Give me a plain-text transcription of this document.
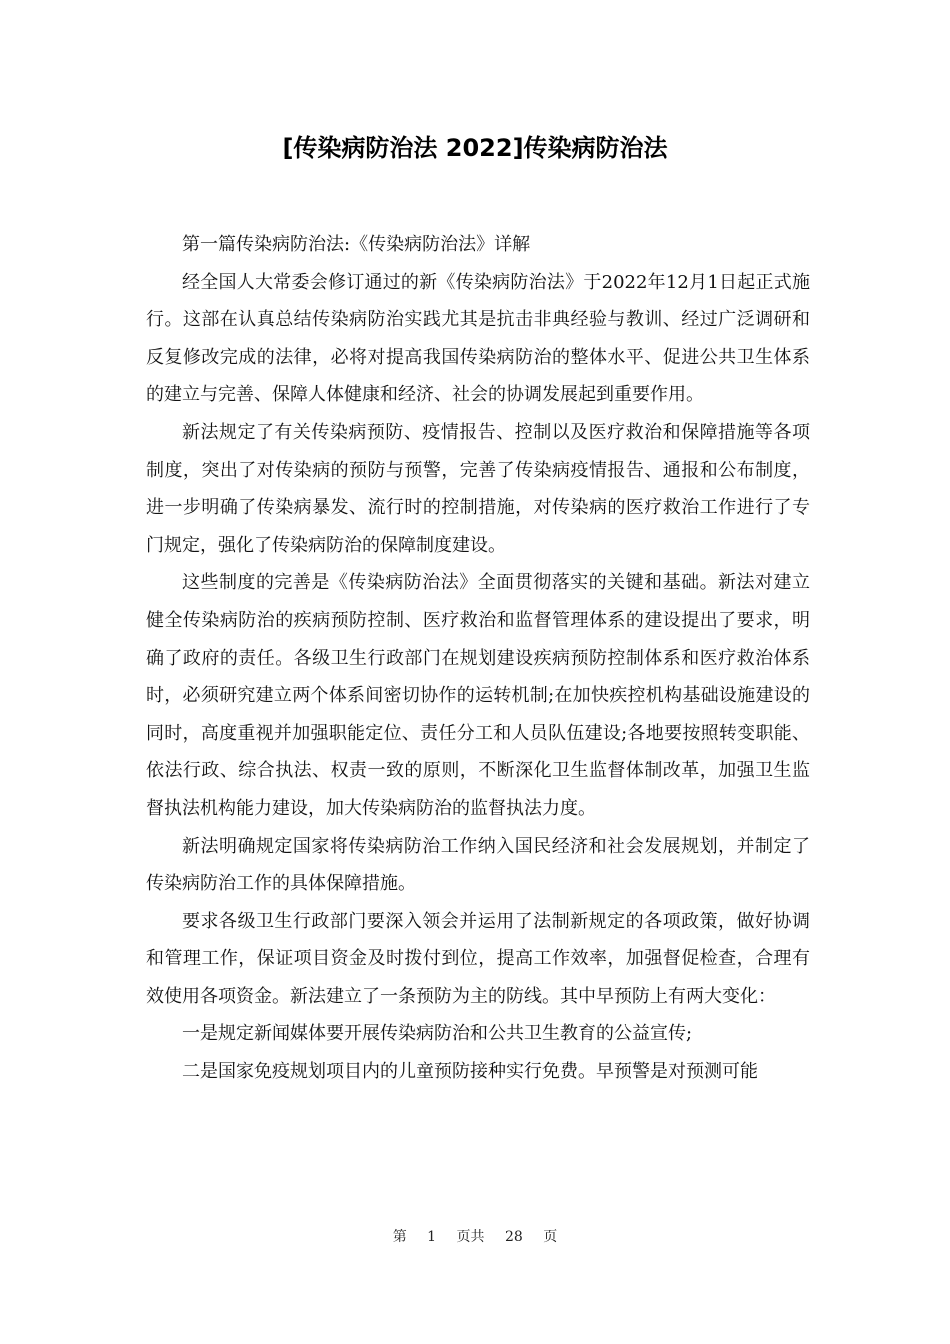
[传染病防治法 2022]传染病防治法

第一篇传染病防治法:《传染病防治法》详解

经全国人大常委会修订通过的新《传染病防治法》于2022年12月1日起正式施行。这部在认真总结传染病防治实践尤其是抗击非典经验与教训、经过广泛调研和反复修改完成的法律，必将对提高我国传染病防治的整体水平、促进公共卫生体系的建立与完善、保障人体健康和经济、社会的协调发展起到重要作用。

新法规定了有关传染病预防、疫情报告、控制以及医疗救治和保障措施等各项制度，突出了对传染病的预防与预警，完善了传染病疫情报告、通报和公布制度，进一步明确了传染病暴发、流行时的控制措施，对传染病的医疗救治工作进行了专门规定，强化了传染病防治的保障制度建设。

这些制度的完善是《传染病防治法》全面贯彻落实的关键和基础。新法对建立健全传染病防治的疾病预防控制、医疗救治和监督管理体系的建设提出了要求，明确了政府的责任。各级卫生行政部门在规划建设疾病预防控制体系和医疗救治体系时，必须研究建立两个体系间密切协作的运转机制;在加快疾控机构基础设施建设的同时，高度重视并加强职能定位、责任分工和人员队伍建设;各地要按照转变职能、依法行政、综合执法、权责一致的原则，不断深化卫生监督体制改革，加强卫生监督执法机构能力建设，加大传染病防治的监督执法力度。

新法明确规定国家将传染病防治工作纳入国民经济和社会发展规划，并制定了传染病防治工作的具体保障措施。

要求各级卫生行政部门要深入领会并运用了法制新规定的各项政策，做好协调和管理工作，保证项目资金及时拨付到位，提高工作效率，加强督促检查，合理有效使用各项资金。新法建立了一条预防为主的防线。其中早预防上有两大变化：

一是规定新闻媒体要开展传染病防治和公共卫生教育的公益宣传;

二是国家免疫规划项目内的儿童预防接种实行免费。早预警是对预测可能

第 1 页共 28 页
